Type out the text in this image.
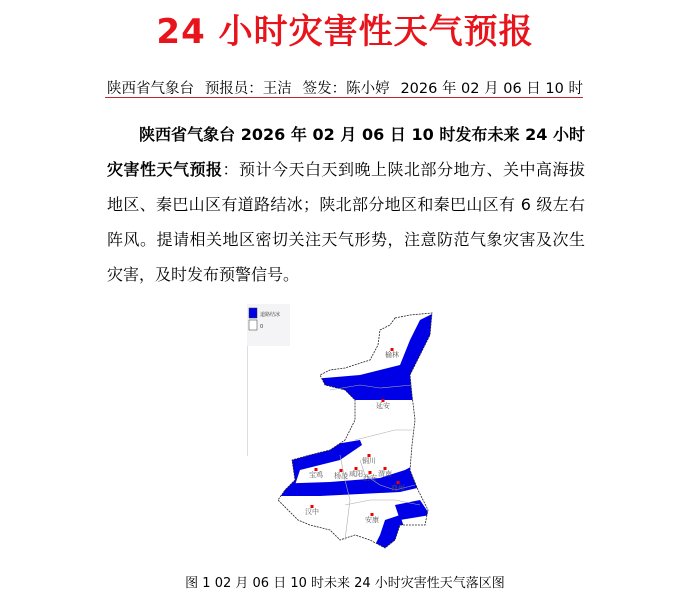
24 小时灾害性天气预报
陕西省气象台 预报员：王洁 签发：陈小婷 2026 年 02 月 06 日 10 时
陕西省气象台 2026 年 02 月 06 日 10 时发布未来 24 小时灾害性天气预报：预计今天白天到晚上陕北部分地方、关中高海拔地区、秦巴山区有道路结冰；陕北部分地区和秦巴山区有 6 级左右阵风。提请相关地区密切关注天气形势，注意防范气象灾害及次生灾害，及时发布预警信号。
道路结冰
0
榆林
延安
铜川
宝鸡 杨凌 咸阳 西安 渭南
商州
汉中
安康
图 1 02 月 06 日 10 时未来 24 小时灾害性天气落区图
